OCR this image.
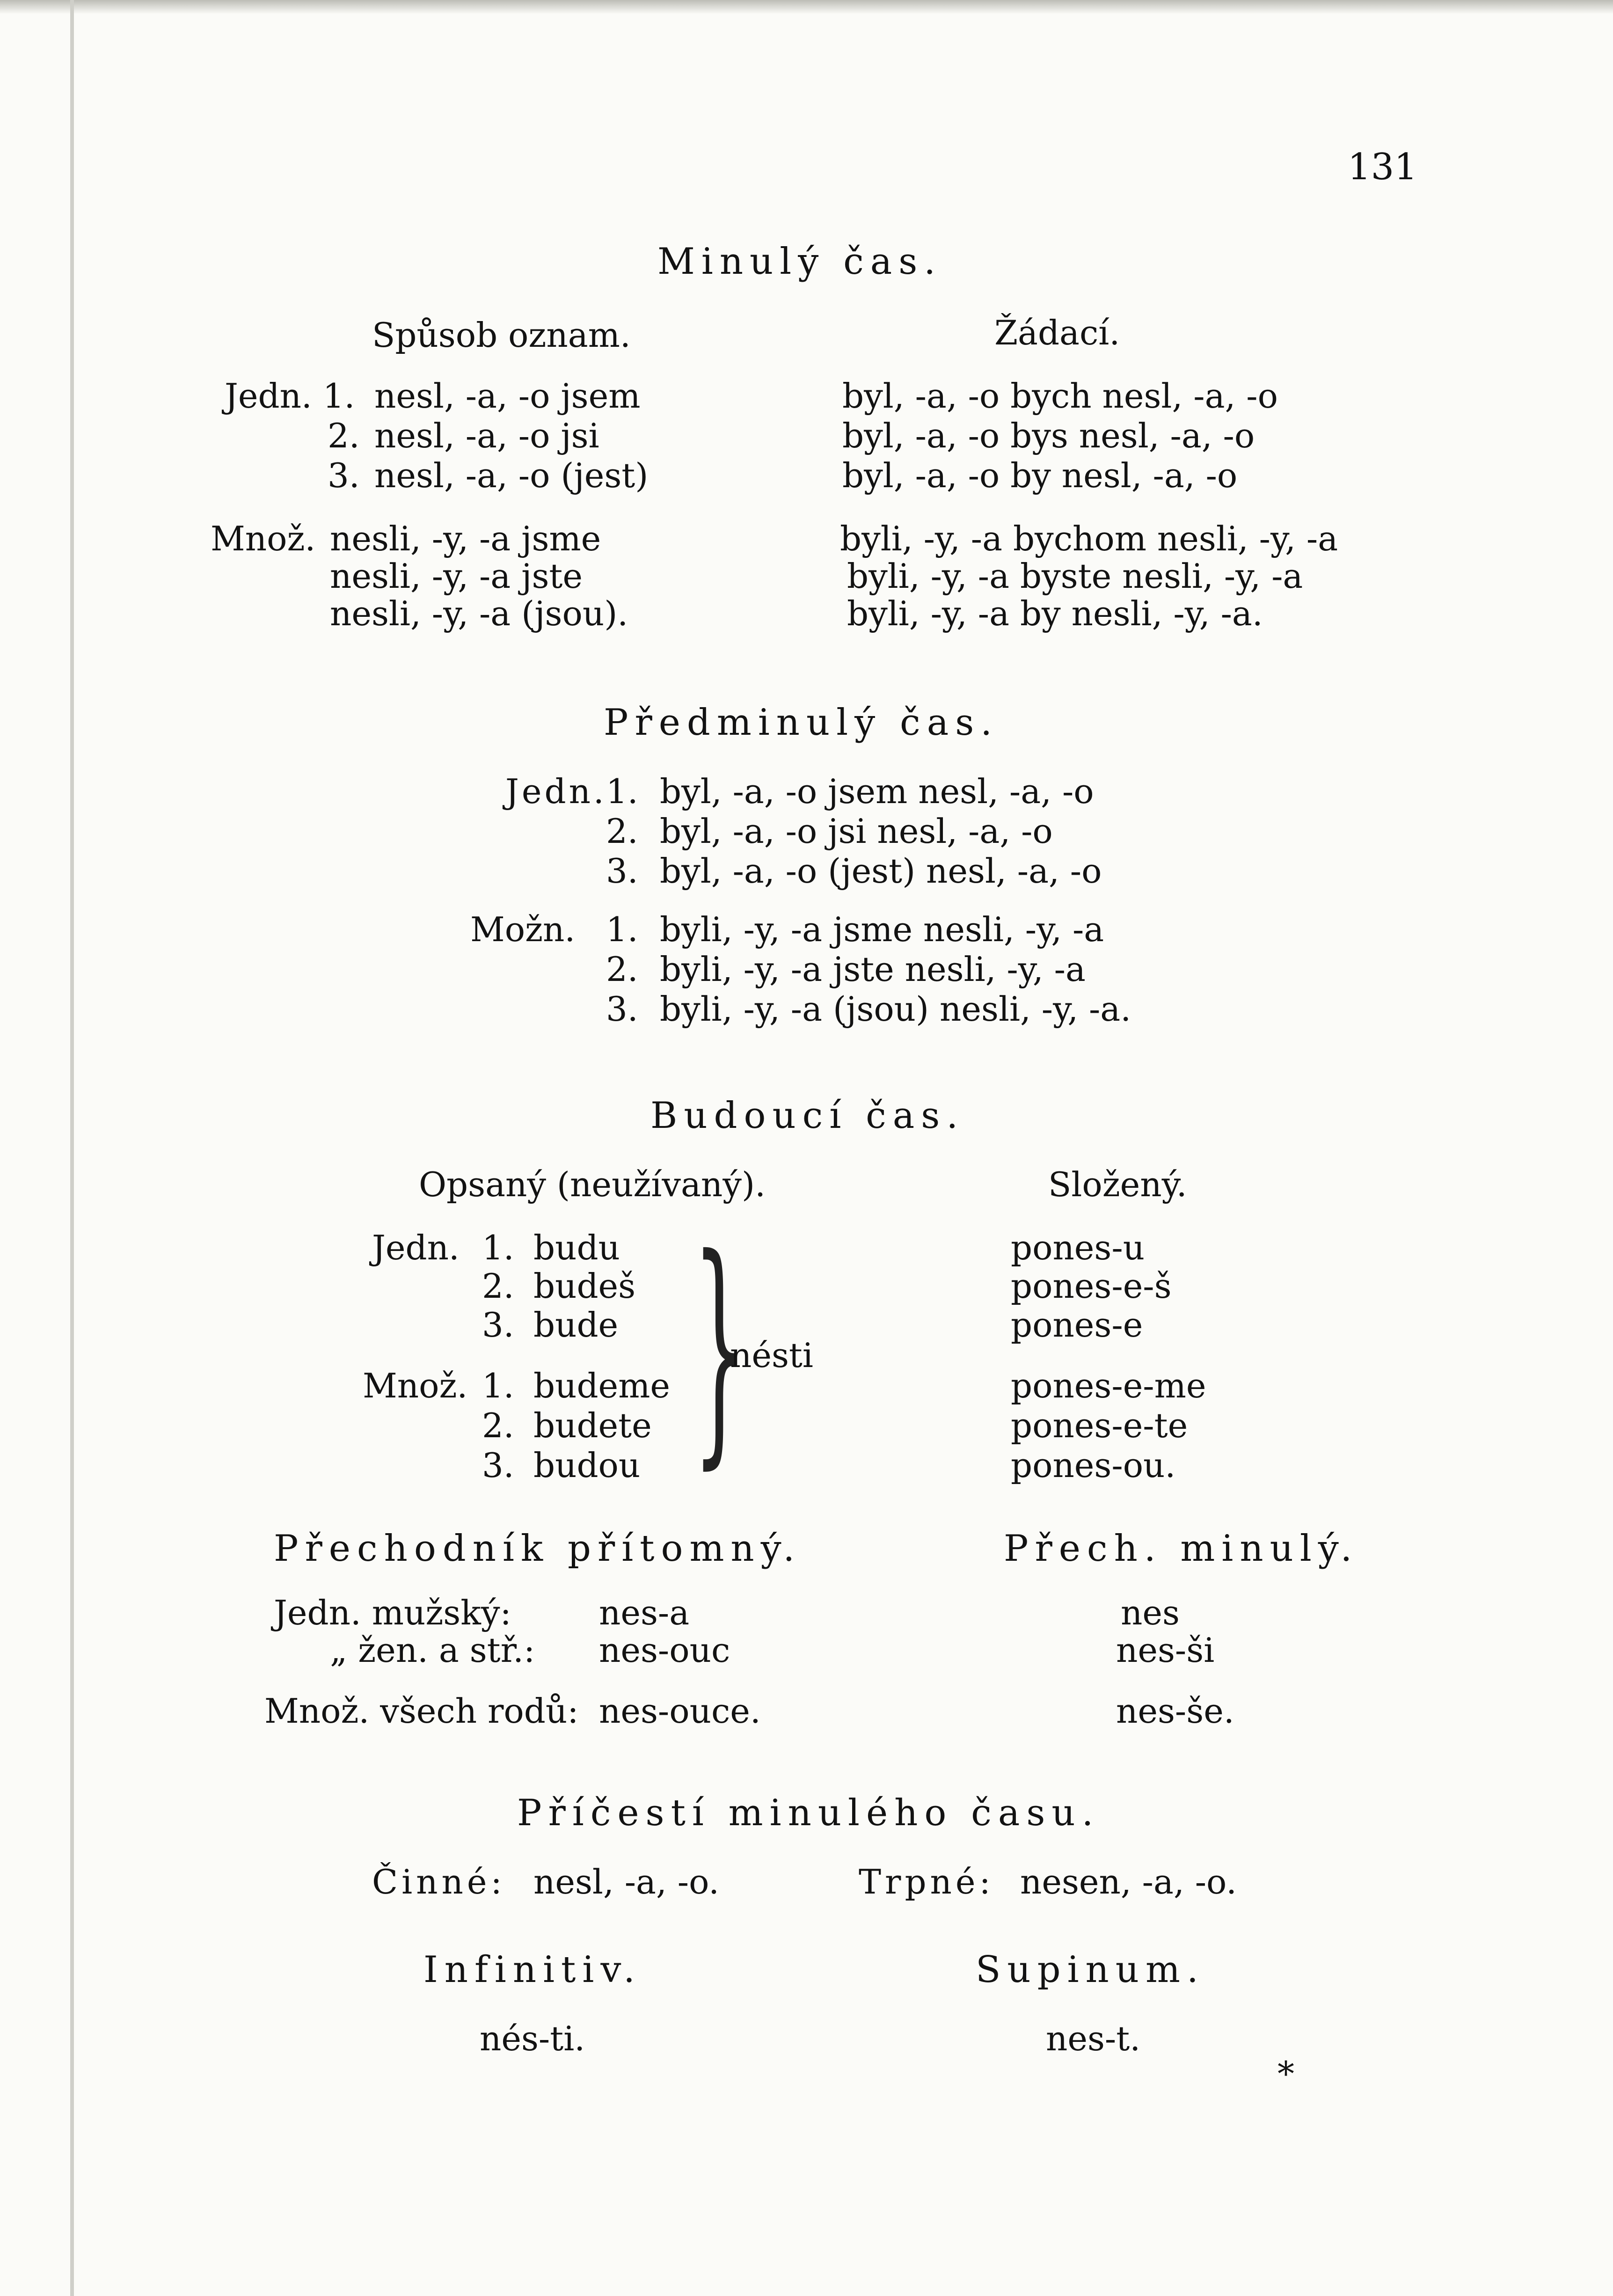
131
Minulý čas.
Spůsob oznam.	Žádací.
Jedn. 1. nesl, -a, -o jsem	byl, -a, -o bych nesl, -a, -o
2. nesl, -a, -o jsi	byl, -a, -o bys nesl, -a, -o
3. nesl, -a, -o (jest)	byl, -a, -o by nesl, -a, -o
Množ. nesli, -y, -a jsme	byli, -y, -a bychom nesli, -y, -a
nesli, -y, -a jste	byli, -y, -a byste nesli, -y, -a
nesli, -y, -a (jsou).	byli, -y, -a by nesli, -y, -a.
Předminulý čas.
Jedn.
1. byl, -a, -o jsem nesl, -a, -o
2. byl, -a, -o jsi nesl, -a, -o
3. byl, -a, -o (jest) nesl, -a, -o
Možn. 1. byli, -y, -a jsme nesli, -y, -a
2. byli, -y, -a jste nesli, -y, -a
3. byli, -y, -a (jsou) nesli, -y, -a.
Budoucí čas.
Opsaný (neužívaný).	Složený.
Jedn. 1. budu	pones-u
2. budeš	pones-e-š
3. bude	pones-e
Množ. 1. budeme	pones-e-me
2. budete	pones-e-te
3. budou	pones-ou.
}
nésti
Přechodník přítomný.	Přech. minulý.
Jedn. mužský:	nes-a	nes
„ žen. a stř.: nes-ouc	nes-ši
Množ. všech rodů: nes-ouce.	nes-še.
Příčestí minulého času.
Činné: nesl, -a, -o.	Trpné: nesen, -a, -o.
Infinitiv.	Supinum.
nés-ti.	nes-t.
*
